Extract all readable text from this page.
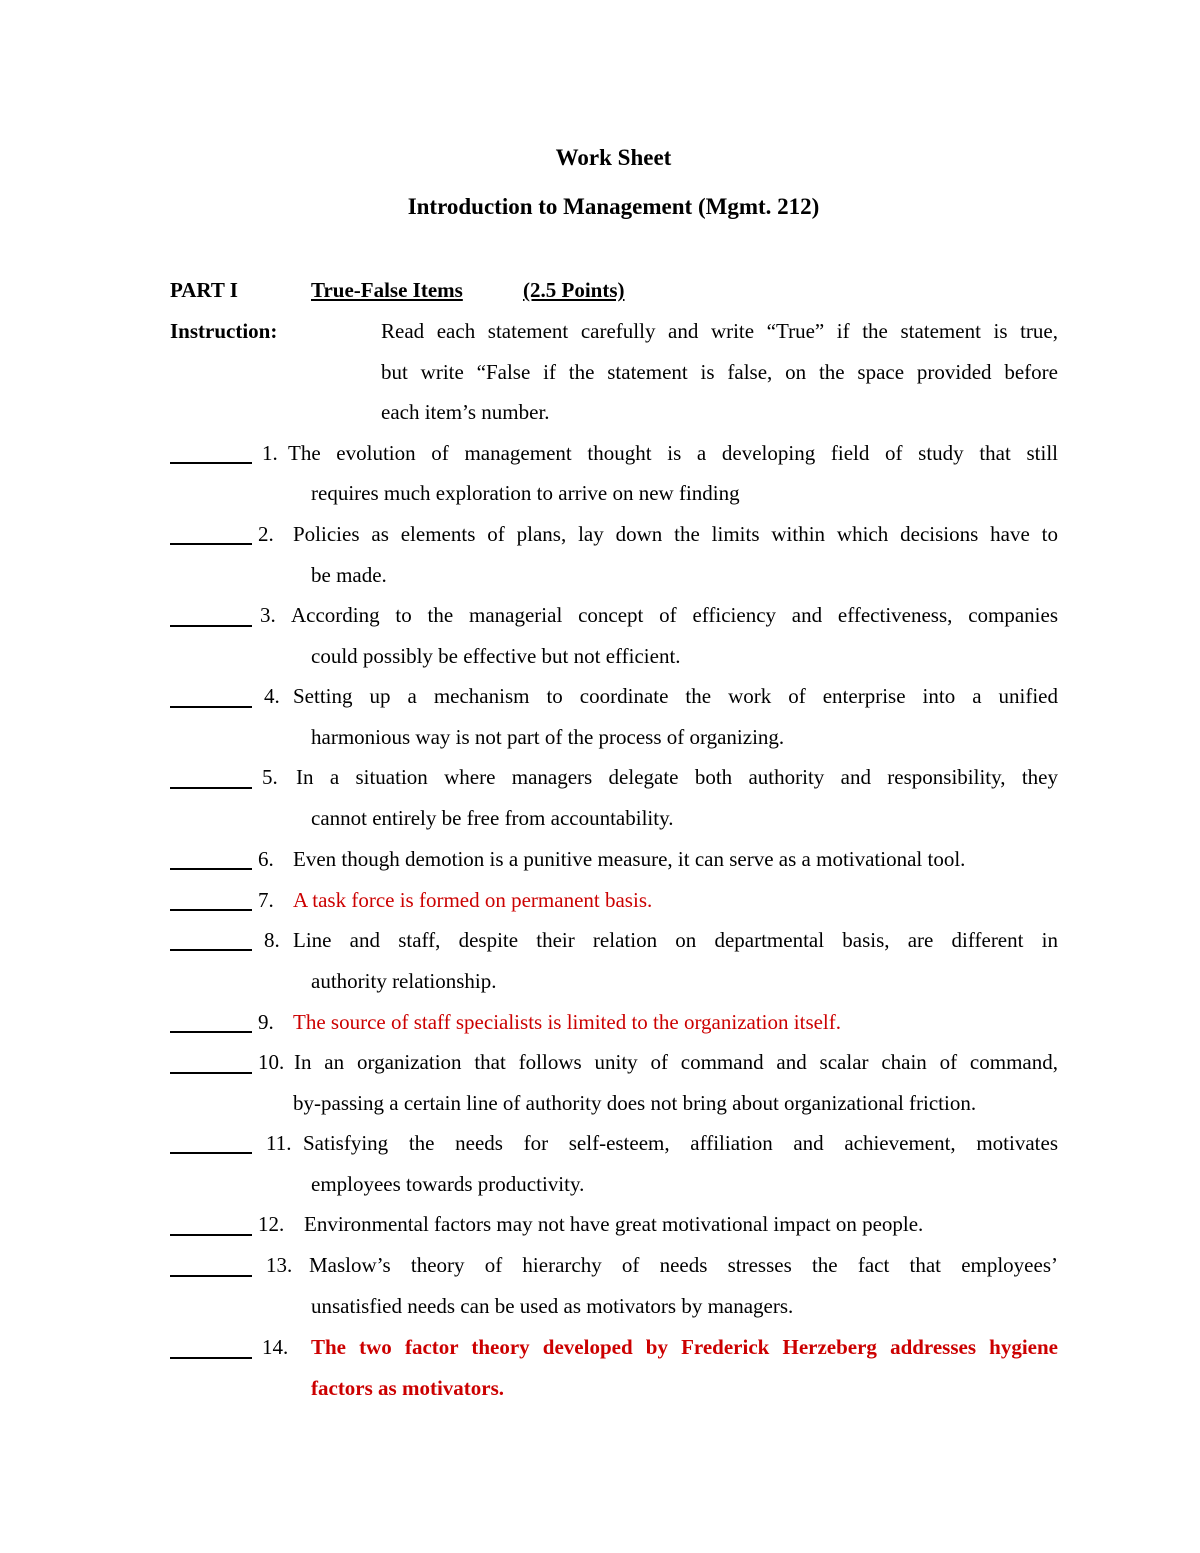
Work Sheet
Introduction to Management (Mgmt. 212)
PART I	True-False Items	(2.5 Points)
Instruction:	Read each statement carefully and write “True” if the statement is true,
but write “False if the statement is false, on the space provided before
each item’s number.
1. The evolution of management thought is a developing field of study that still
requires much exploration to arrive on new finding
2. Policies as elements of plans, lay down the limits within which decisions have to
be made.
3. According to the managerial concept of efficiency and effectiveness, companies
could possibly be effective but not efficient.
4. Setting up a mechanism to coordinate the work of enterprise into a unified
harmonious way is not part of the process of organizing.
5. In a situation where managers delegate both authority and responsibility, they
cannot entirely be free from accountability.
6. Even though demotion is a punitive measure, it can serve as a motivational tool.
7. A task force is formed on permanent basis.
8. Line and staff, despite their relation on departmental basis, are different in
authority relationship.
9. The source of staff specialists is limited to the organization itself.
10. In an organization that follows unity of command and scalar chain of command,
by-passing a certain line of authority does not bring about organizational friction.
11. Satisfying the needs for self-esteem, affiliation and achievement, motivates
employees towards productivity.
12. Environmental factors may not have great motivational impact on people.
13. Maslow’s theory of hierarchy of needs stresses the fact that employees’
unsatisfied needs can be used as motivators by managers.
14. The two factor theory developed by Frederick Herzeberg addresses hygiene
factors as motivators.
